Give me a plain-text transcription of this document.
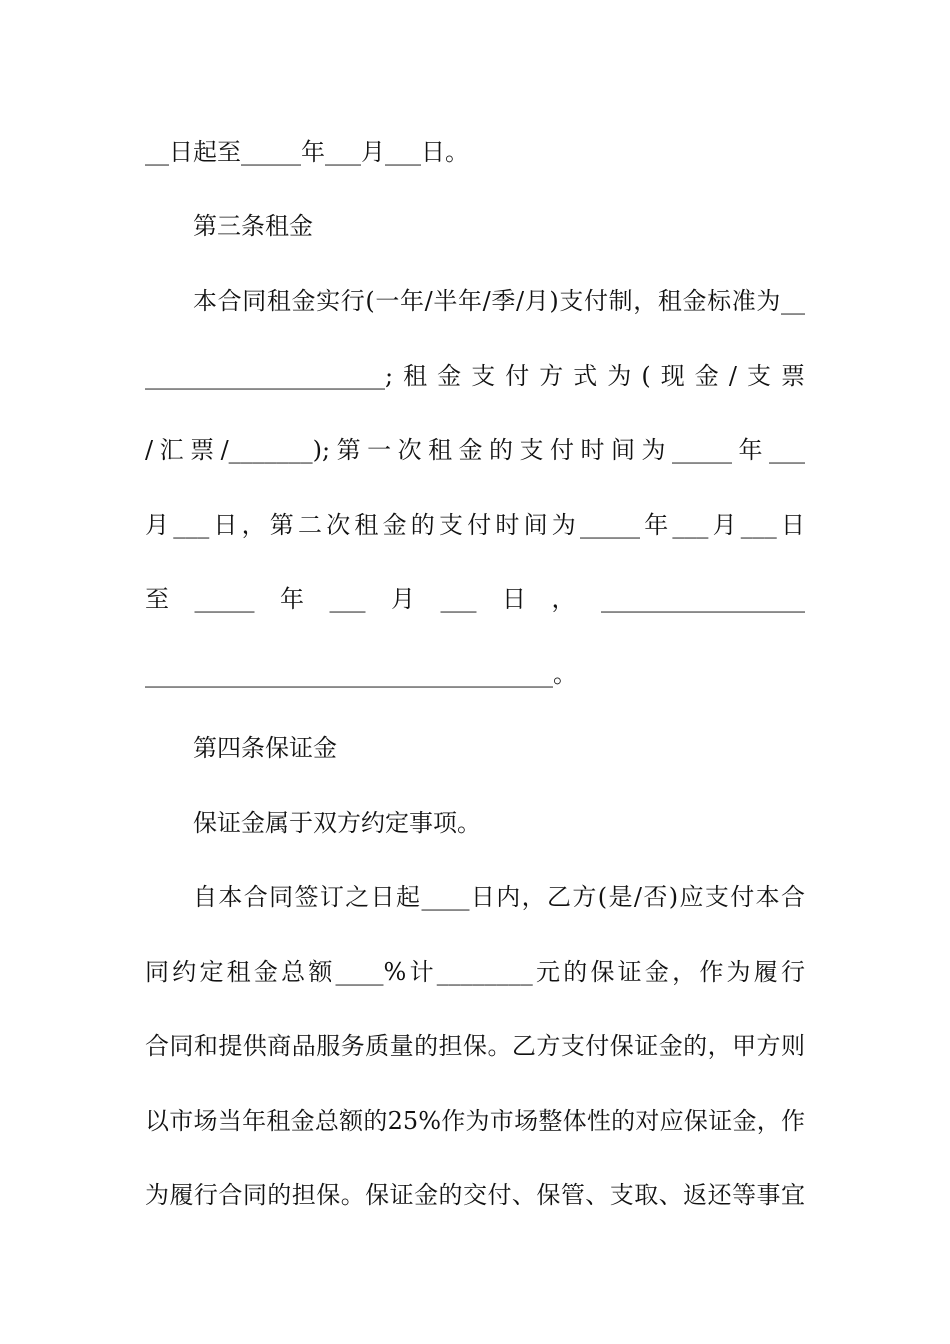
__日起至_____年___月___日。
第三条租金
本合同租金实行(一年/半年/季/月)支付制，租金标准为__
____________________;租金支付方式为(现金/支票
/汇票/_______);第一次租金的支付时间为_____年___
月___日，第二次租金的支付时间为_____年___月___日
至_____年___月___日，_________________
__________________________________。
第四条保证金
保证金属于双方约定事项。
自本合同签订之日起____日内，乙方(是/否)应支付本合
同约定租金总额____%计________元的保证金，作为履行
合同和提供商品服务质量的担保。乙方支付保证金的，甲方则
以市场当年租金总额的25%作为市场整体性的对应保证金，作
为履行合同的担保。保证金的交付、保管、支取、返还等事宜
